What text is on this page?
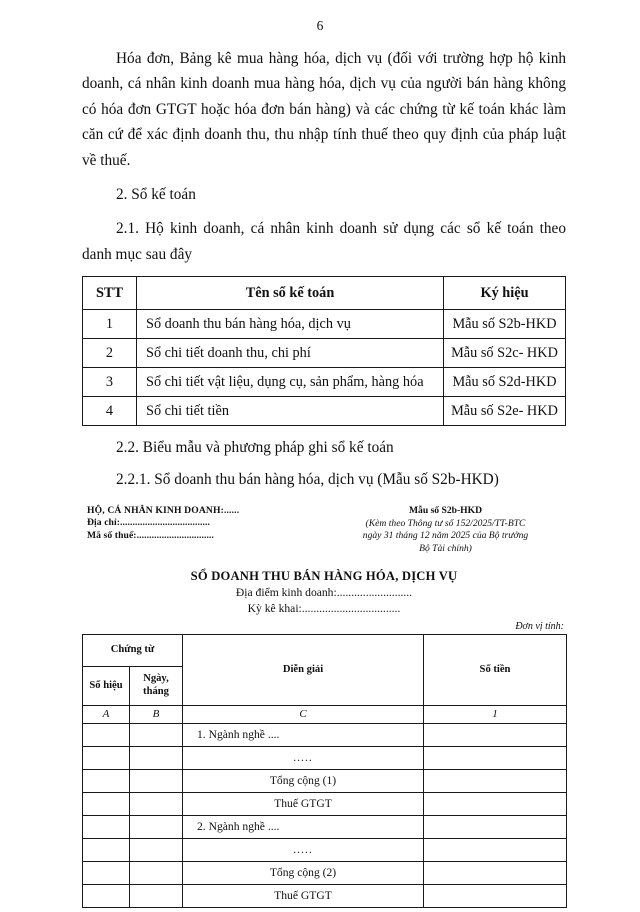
6

Hóa đơn, Bảng kê mua hàng hóa, dịch vụ (đối với trường hợp hộ kinh doanh, cá nhân kinh doanh mua hàng hóa, dịch vụ của người bán hàng không có hóa đơn GTGT hoặc hóa đơn bán hàng) và các chứng từ kế toán khác làm căn cứ để xác định doanh thu, thu nhập tính thuế theo quy định của pháp luật về thuế.

2. Sổ kế toán

2.1. Hộ kinh doanh, cá nhân kinh doanh sử dụng các sổ kế toán theo danh mục sau đây

STT	Tên sổ kế toán	Ký hiệu
1	Sổ doanh thu bán hàng hóa, dịch vụ	Mẫu số S2b-HKD
2	Sổ chi tiết doanh thu, chi phí	Mẫu số S2c- HKD
3	Sổ chi tiết vật liệu, dụng cụ, sản phẩm, hàng hóa	Mẫu số S2d-HKD
4	Sổ chi tiết tiền	Mẫu số S2e- HKD

2.2. Biểu mẫu và phương pháp ghi sổ kế toán

2.2.1. Sổ doanh thu bán hàng hóa, dịch vụ (Mẫu số S2b-HKD)

HỘ, CÁ NHÂN KINH DOANH:......
Địa chỉ:....................................
Mã số thuế:...............................
Mẫu số S2b-HKD
(Kèm theo Thông tư số 152/2025/TT-BTC
ngày 31 tháng 12 năm 2025 của Bộ trưởng
Bộ Tài chính)
SỔ DOANH THU BÁN HÀNG HÓA, DỊCH VỤ
Địa điểm kinh doanh:..........................
Kỳ kê khai:..................................
Đơn vị tính:
Chứng từ		Diễn giải	Số tiền
Số hiệu	Ngày, tháng		
A	B	C	1
		1. Ngành nghề ....	
		.....	
		Tổng cộng (1)	
		Thuế GTGT	
		2. Ngành nghề ....	
		.....	
		Tổng cộng (2)	
		Thuế GTGT	
